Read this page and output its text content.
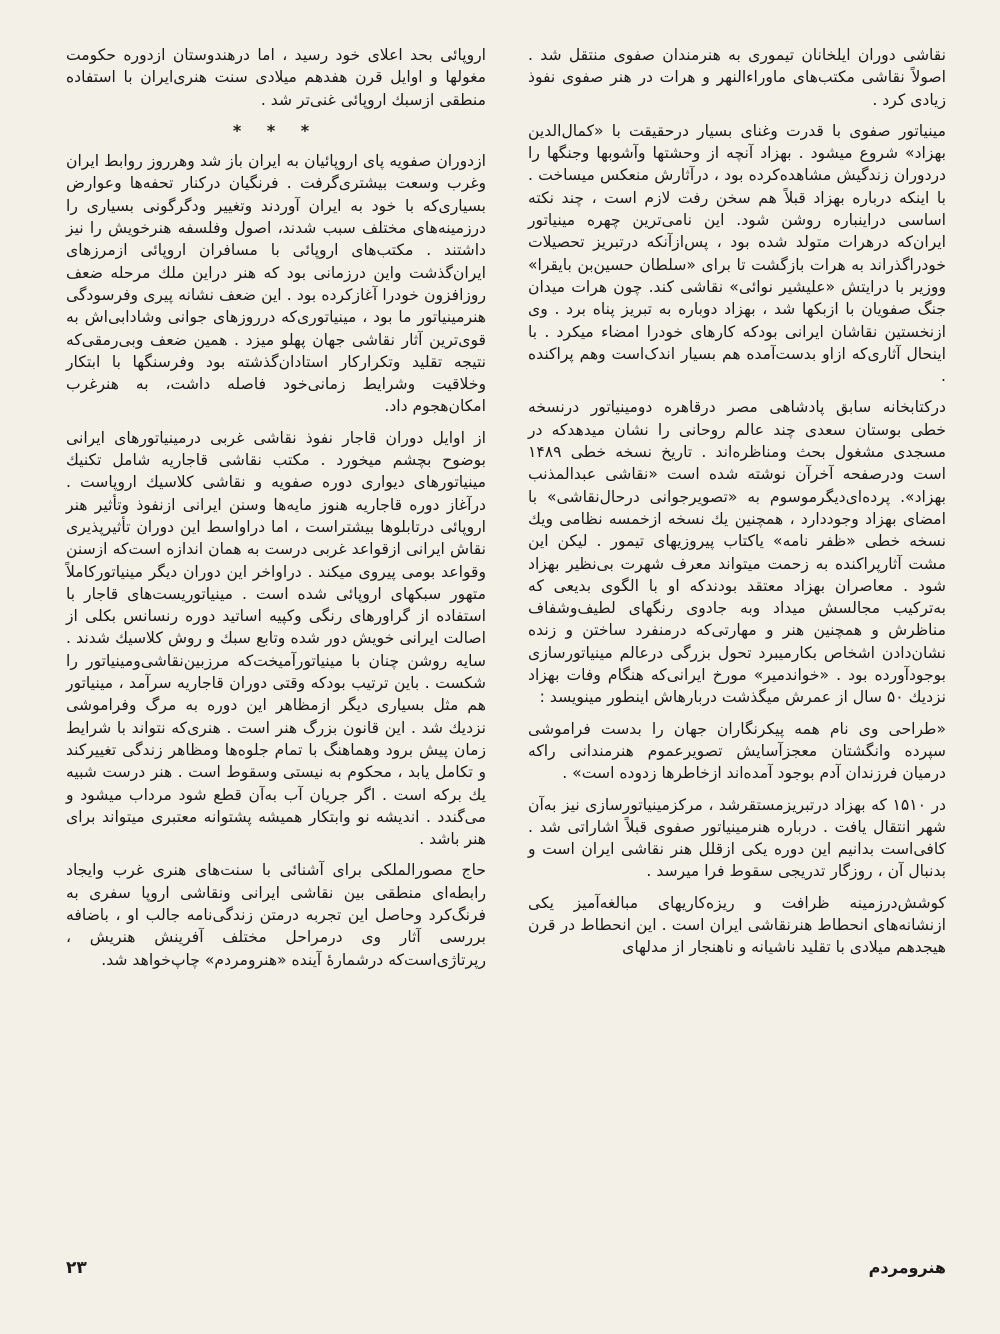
نقاشی دوران ایلخانان تیموری به هنرمندان صفوی منتقل شد . اصولاً نقاشی مکتب‌های ماوراءالنهر و هرات در هنر صفوی نفوذ زیادی کرد .

مینیاتور صفوی با قدرت وغنای بسیار درحقیقت با «کمال‌الدین بهزاد» شروع میشود . بهزاد آنچه از وحشتها وآشوبها وجنگها را دردوران زندگیش مشاهده‌کرده بود ، درآثارش منعکس میساخت . با اینکه درباره بهزاد قبلاً هم سخن رفت لازم است ، چند نکته اساسی دراینباره روشن شود. این نامی‌ترین چهره مینیاتور ایران‌که درهرات متولد شده بود ، پس‌ازآنکه درتبریز تحصیلات خودراگذراند به هرات بازگشت تا برای «سلطان حسین‌بن بایقرا» ووزیر با درایتش «علیشیر نوائی» نقاشی کند. چون هرات میدان جنگ صفویان با ازبکها شد ، بهزاد دوباره به تبریز پناه برد . وی ازنخستین نقاشان ایرانی بودکه کارهای خودرا امضاء میکرد . با اینحال آثاری‌که ازاو بدست‌آمده هم بسیار اندک‌است وهم پراکنده .

درکتابخانه سابق پادشاهی مصر درقاهره دومینیاتور درنسخه خطی بوستان سعدی چند عالم روحانی را نشان میدهدکه در مسجدی مشغول بحث ومناظره‌اند . تاریخ نسخه خطی ۱۴۸۹ است ودرصفحه آخرآن نوشته شده است «نقاشی عبدالمذنب بهزاد». پرده‌ای‌دیگرموسوم به «تصویرجوانی درحال‌نقاشی» با امضای بهزاد وجوددارد ، همچنین یك نسخه ازخمسه نظامی ویك نسخه خطی «ظفر نامه» یاکتاب پیروزیهای تیمور . لیکن این مشت آثارپراکنده به زحمت میتواند معرف شهرت بی‌نظیر بهزاد شود . معاصران بهزاد معتقد بودندکه او با الگوی بدیعی که به‌ترکیب مجالسش میداد وبه جادوی رنگهای لطیف‌وشفاف مناظرش و همچنین هنر و مهارتی‌که درمنفرد ساختن و زنده نشان‌دادن اشخاص بکارمیبرد تحول بزرگی درعالم مینیاتور‌سازی بوجودآورده بود . «خواندمیر» مورخ ایرانی‌که هنگام وفات بهزاد نزدیك ۵۰ سال از عمرش میگذشت دربارهاش اینطور مینویسد :

«طراحی وی نام همه پیکرنگاران جهان را بدست فراموشی سپرده وانگشتان معجزآسایش تصویرعموم هنرمندانی راکه درمیان فرزندان آدم بوجود آمده‌اند ازخاطرها زدوده است» .

در ۱۵۱۰ که بهزاد درتبریزمستقرشد ، مرکزمینیاتور‌سازی نیز به‌آن شهر انتقال یافت . درباره هنرمینیاتور صفوی قبلاً اشاراتی شد . کافی‌است بدانیم این دوره یکی ازقلل هنر نقاشی ایران است و بدنبال آن ، روزگار تدریجی سقوط فرا میرسد .

کوشش‌درزمینه ظرافت و ریزه‌کاریهای مبالغه‌آمیز یکی ازنشانه‌های انحطاط هنرنقاشی ایران است . این انحطاط در قرن هیجدهم میلادی با تقلید ناشیانه و ناهنجار از مدلهای

اروپائی بحد اعلای خود رسید ، اما درهندوستان ازدوره حکومت مغولها و اوایل قرن هفدهم میلادی سنت هنری‌ایران با استفاده منطقی ازسبك اروپائی غنی‌تر شد .

* * *

ازدوران صفویه پای اروپائیان به ایران باز شد وهرروز روابط ایران وغرب وسعت بیشتری‌گرفت . فرنگیان درکنار تحفه‌ها وعوارض بسیاری‌که با خود به ایران آوردند وتغییر ودگرگونی بسیاری را درزمینه‌های مختلف سبب شدند، اصول وفلسفه هنرخویش را نیز داشتند . مکتب‌های اروپائی با مسافران اروپائی ازمرزهای ایران‌گذشت واین درزمانی بود که هنر دراین ملك مرحله ضعف روزافزون خودرا آغازکرده بود . این ضعف نشانه پیری وفرسودگی هنرمینیاتور ما بود ، مینیاتوری‌که درروزهای جوانی وشادابی‌اش به قوی‌ترین آثار نقاشی جهان پهلو میزد . همین ضعف وبی‌رمقی‌که نتیجه تقلید وتکرارکار استادان‌گذشته بود وفرسنگها با ابتکار وخلاقیت وشرایط زمانی‌خود فاصله داشت، به هنرغرب امکان‌هجوم داد.

از اوایل دوران قاجار نفوذ نقاشی غربی درمینیاتورهای ایرانی بوضوح بچشم میخورد . مکتب نقاشی قاجاریه شامل تکنیك مینیاتورهای دیواری دوره صفویه و نقاشی کلاسیك اروپاست . درآغاز دوره قاجاریه هنوز مایه‌ها وسنن ایرانی ازنفوذ وتأثیر هنر اروپائی درتابلوها بیشتراست ، اما دراواسط این دوران تأثیرپذیری نقاش ایرانی ازقواعد غربی درست به همان اندازه است‌که ازسنن وقواعد بومی پیروی میکند . دراواخر این دوران دیگر مینیاتورکاملاً متهور سبکهای اروپائی شده است . مینیاتوریست‌های قاجار با استفاده از گراورهای رنگی وکپیه اساتید دوره رنسانس بکلی از اصالت ایرانی خویش دور شده وتابع سبك و روش کلاسیك شدند . سایه روشن چنان با مینیاتورآمیخت‌که مرزبین‌نقاشی‌ومینیاتور را شکست . باین ترتیب بودکه وقتی دوران قاجاریه سرآمد ، مینیاتور هم مثل بسیاری دیگر ازمظاهر این دوره به مرگ وفراموشی نزدیك شد . این قانون بزرگ هنر است . هنری‌که نتواند با شرایط زمان پیش برود وهماهنگ با تمام جلوه‌ها ومظاهر زندگی تغییرکند و تکامل یابد ، محکوم به نیستی وسقوط است . هنر درست شبیه یك برکه است . اگر جریان آب به‌آن قطع شود مرداب میشود و می‌گندد . اندیشه نو وابتکار همیشه پشتوانه معتبری میتواند برای هنر باشد .

حاج مصورالملکی برای آشنائی با سنت‌های هنری غرب وایجاد رابطه‌ای منطقی بین نقاشی ایرانی ونقاشی اروپا سفری به فرنگ‌کرد وحاصل این تجربه درمتن زندگی‌نامه جالب او ، باضافه بررسی آثار وی درمراحل مختلف آفرینش هنریش ، رپرتاژی‌است‌که درشمارهٔ آینده «هنرومردم» چاپ‌خواهد شد.

۲۳	هنرومردم
